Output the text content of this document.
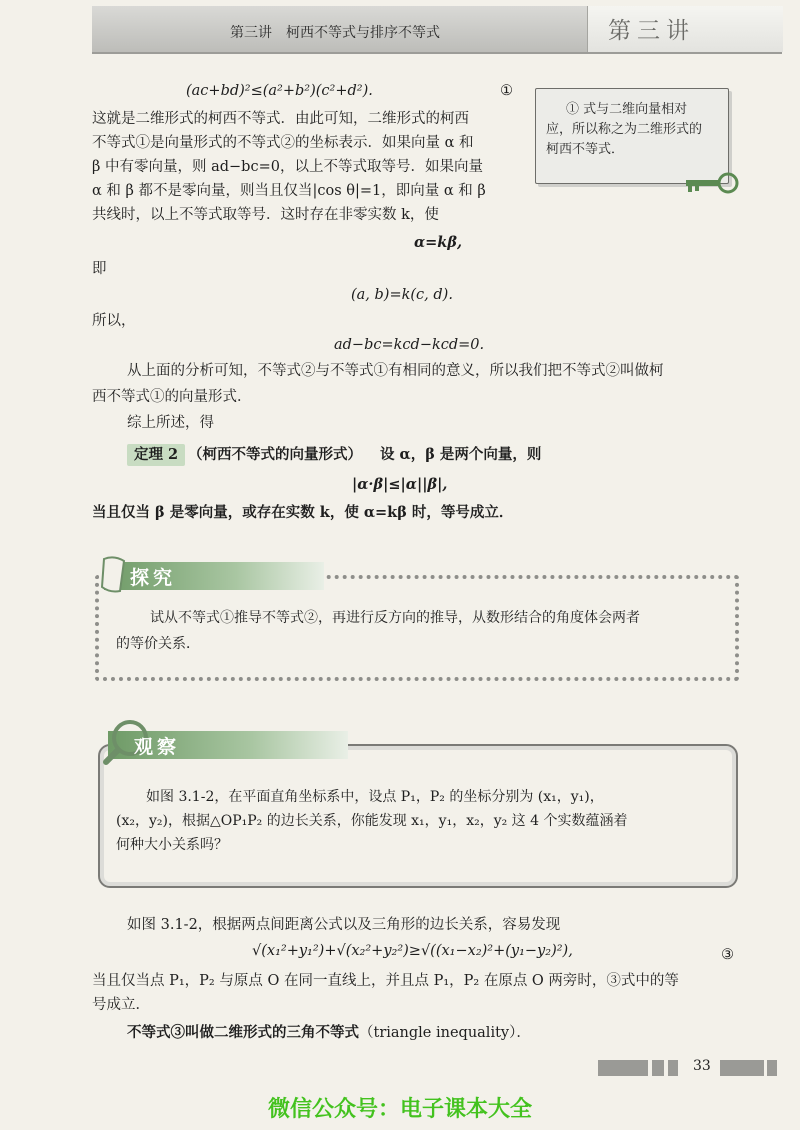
第三讲　柯西不等式与排序不等式	第三讲
(ac+bd)²≤(a²+b²)(c²+d²).	①
这就是二维形式的柯西不等式．由此可知，二维形式的柯西
不等式①是向量形式的不等式②的坐标表示．如果向量 α 和
β 中有零向量，则 ad−bc=0，以上不等式取等号．如果向量
α 和 β 都不是零向量，则当且仅当|cos θ|=1，即向量 α 和 β
共线时，以上不等式取等号．这时存在非零实数 k，使
① 式与二维向量相对
应，所以称之为二维形式的
柯西不等式．
α=kβ,
即
(a, b)=k(c, d).
所以，
ad−bc=kcd−kcd=0.
从上面的分析可知，不等式②与不等式①有相同的意义，所以我们把不等式②叫做柯
西不等式①的向量形式．
综上所述，得
定理 2 （柯西不等式的向量形式） 设 α，β 是两个向量，则
|α·β|≤|α||β|,
当且仅当 β 是零向量，或存在实数 k，使 α=kβ 时，等号成立．
探究
试从不等式①推导不等式②，再进行反方向的推导，从数形结合的角度体会两者
的等价关系．
观察
如图 3.1-2，在平面直角坐标系中，设点 P₁，P₂ 的坐标分别为 (x₁，y₁)，
(x₂，y₂)，根据△OP₁P₂ 的边长关系，你能发现 x₁，y₁，x₂，y₂ 这 4 个实数蕴涵着
何种大小关系吗？
如图 3.1-2，根据两点间距离公式以及三角形的边长关系，容易发现
√(x₁²+y₁²)+√(x₂²+y₂²)≥√((x₁−x₂)²+(y₁−y₂)²),	③
当且仅当点 P₁，P₂ 与原点 O 在同一直线上，并且点 P₁，P₂ 在原点 O 两旁时，③式中的等
号成立．
不等式③叫做二维形式的三角不等式（triangle inequality）．
33
微信公众号：电子课本大全
